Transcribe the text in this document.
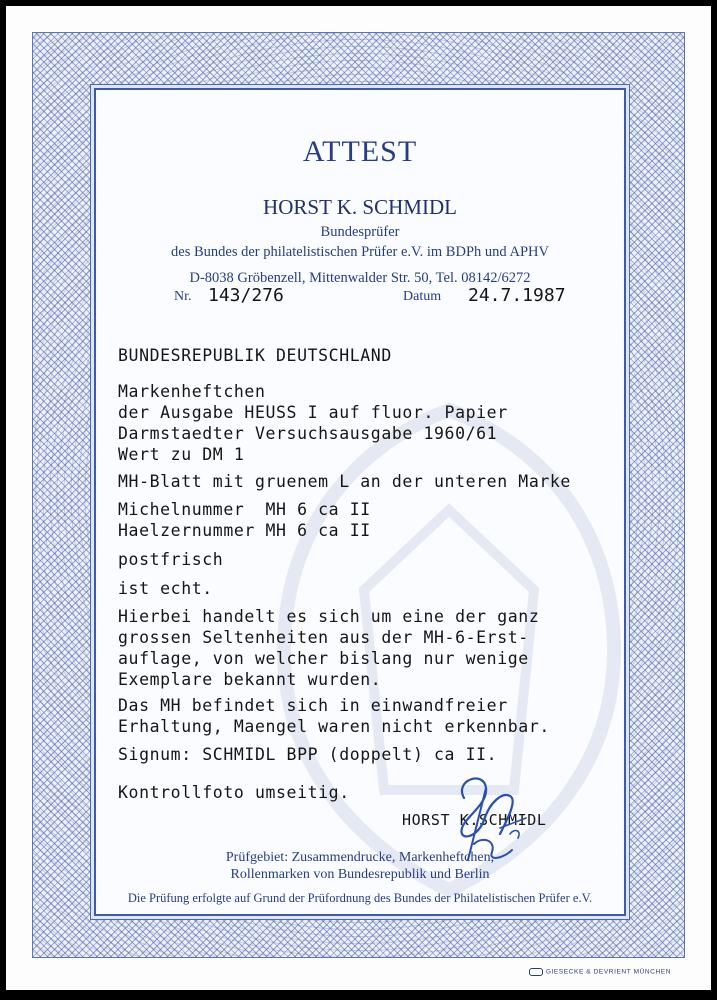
ATTEST
HORST K. SCHMIDL
Bundesprüfer
des Bundes der philatelistischen Prüfer e.V. im BDPh und APHV
D-8038 Gröbenzell, Mittenwalder Str. 50, Tel. 08142/6272
Nr. 143/276	Datum 24.7.1987
BUNDESREPUBLIK DEUTSCHLAND
Markenheftchen
der Ausgabe HEUSS I auf fluor. Papier
Darmstaedter Versuchsausgabe 1960/61
Wert zu DM 1
MH-Blatt mit gruenem L an der unteren Marke
Michelnummer  MH 6 ca II
Haelzernummer MH 6 ca II
postfrisch
ist echt.
Hierbei handelt es sich um eine der ganz
grossen Seltenheiten aus der MH-6-Erst-
auflage, von welcher bislang nur wenige
Exemplare bekannt wurden.
Das MH befindet sich in einwandfreier
Erhaltung, Maengel waren nicht erkennbar.
Signum: SCHMIDL BPP (doppelt) ca II.
Kontrollfoto umseitig.
HORST K.SCHMIDL
Prüfgebiet: Zusammendrucke, Markenheftchen,
Rollenmarken von Bundesrepublik und Berlin
Die Prüfung erfolgte auf Grund der Prüfordnung des Bundes der Philatelistischen Prüfer e.V.
GIESECKE & DEVRIENT MÜNCHEN
